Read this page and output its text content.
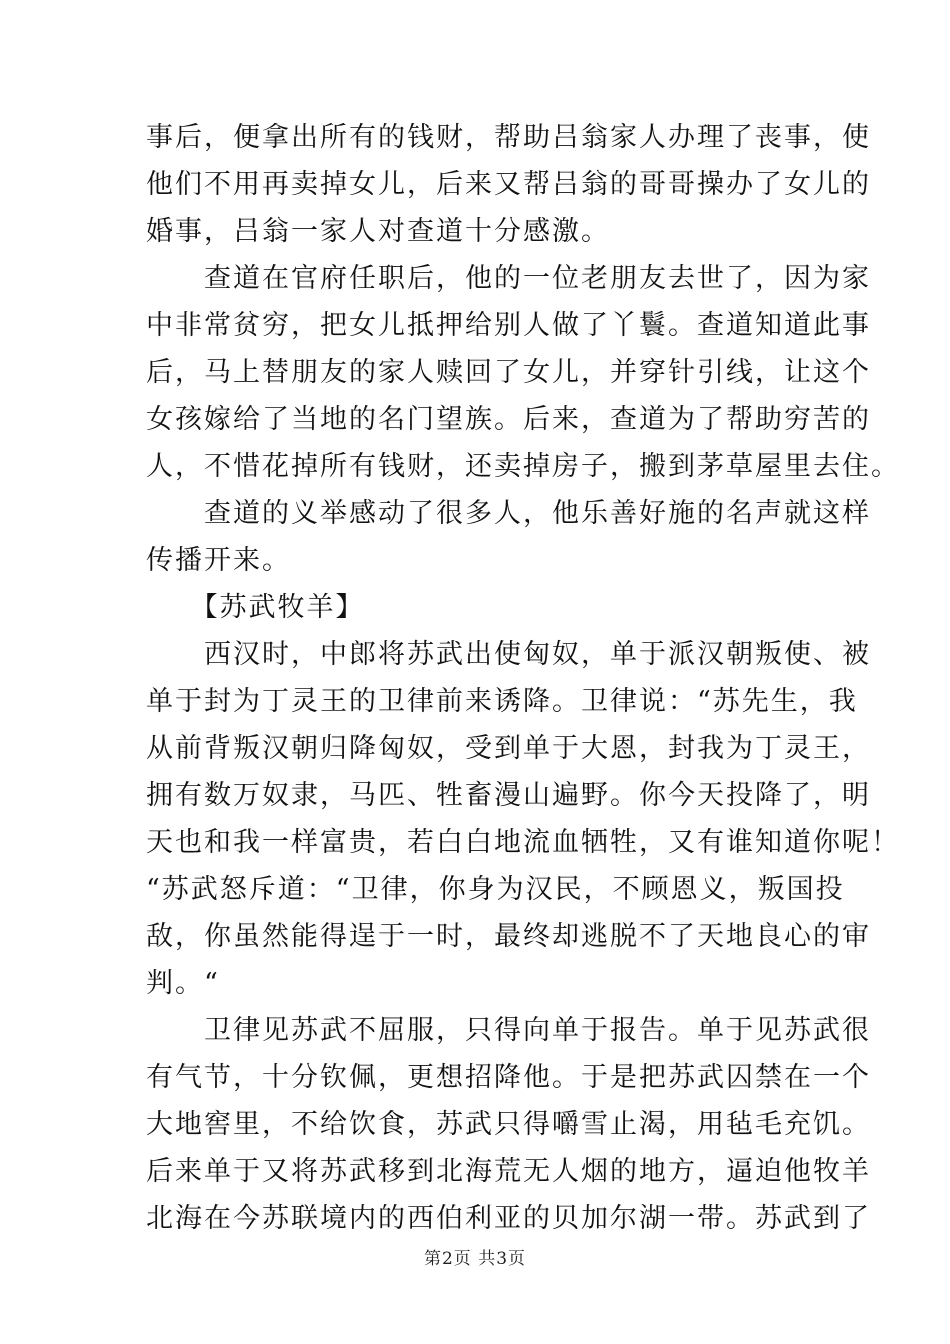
事后，便拿出所有的钱财，帮助吕翁家人办理了丧事，使
他们不用再卖掉女儿，后来又帮吕翁的哥哥操办了女儿的
婚事，吕翁一家人对查道十分感激。
　　查道在官府任职后，他的一位老朋友去世了，因为家
中非常贫穷，把女儿抵押给别人做了丫鬟。查道知道此事
后，马上替朋友的家人赎回了女儿，并穿针引线，让这个
女孩嫁给了当地的名门望族。后来，查道为了帮助穷苦的
人，不惜花掉所有钱财，还卖掉房子，搬到茅草屋里去住。
　　查道的义举感动了很多人，他乐善好施的名声就这样
传播开来。
　　【苏武牧羊】
　　西汉时，中郎将苏武出使匈奴，单于派汉朝叛使、被
单于封为丁灵王的卫律前来诱降。卫律说：“苏先生，我
从前背叛汉朝归降匈奴，受到单于大恩，封我为丁灵王，
拥有数万奴隶，马匹、牲畜漫山遍野。你今天投降了，明
天也和我一样富贵，若白白地流血牺牲，又有谁知道你呢！
“苏武怒斥道：“卫律，你身为汉民，不顾恩义，叛国投
敌，你虽然能得逞于一时，最终却逃脱不了天地良心的审
判。“
　　卫律见苏武不屈服，只得向单于报告。单于见苏武很
有气节，十分钦佩，更想招降他。于是把苏武囚禁在一个
大地窖里，不给饮食，苏武只得嚼雪止渴，用毡毛充饥。
后来单于又将苏武移到北海荒无人烟的地方，逼迫他牧羊
北海在今苏联境内的西伯利亚的贝加尔湖一带。苏武到了
第2页 共3页
